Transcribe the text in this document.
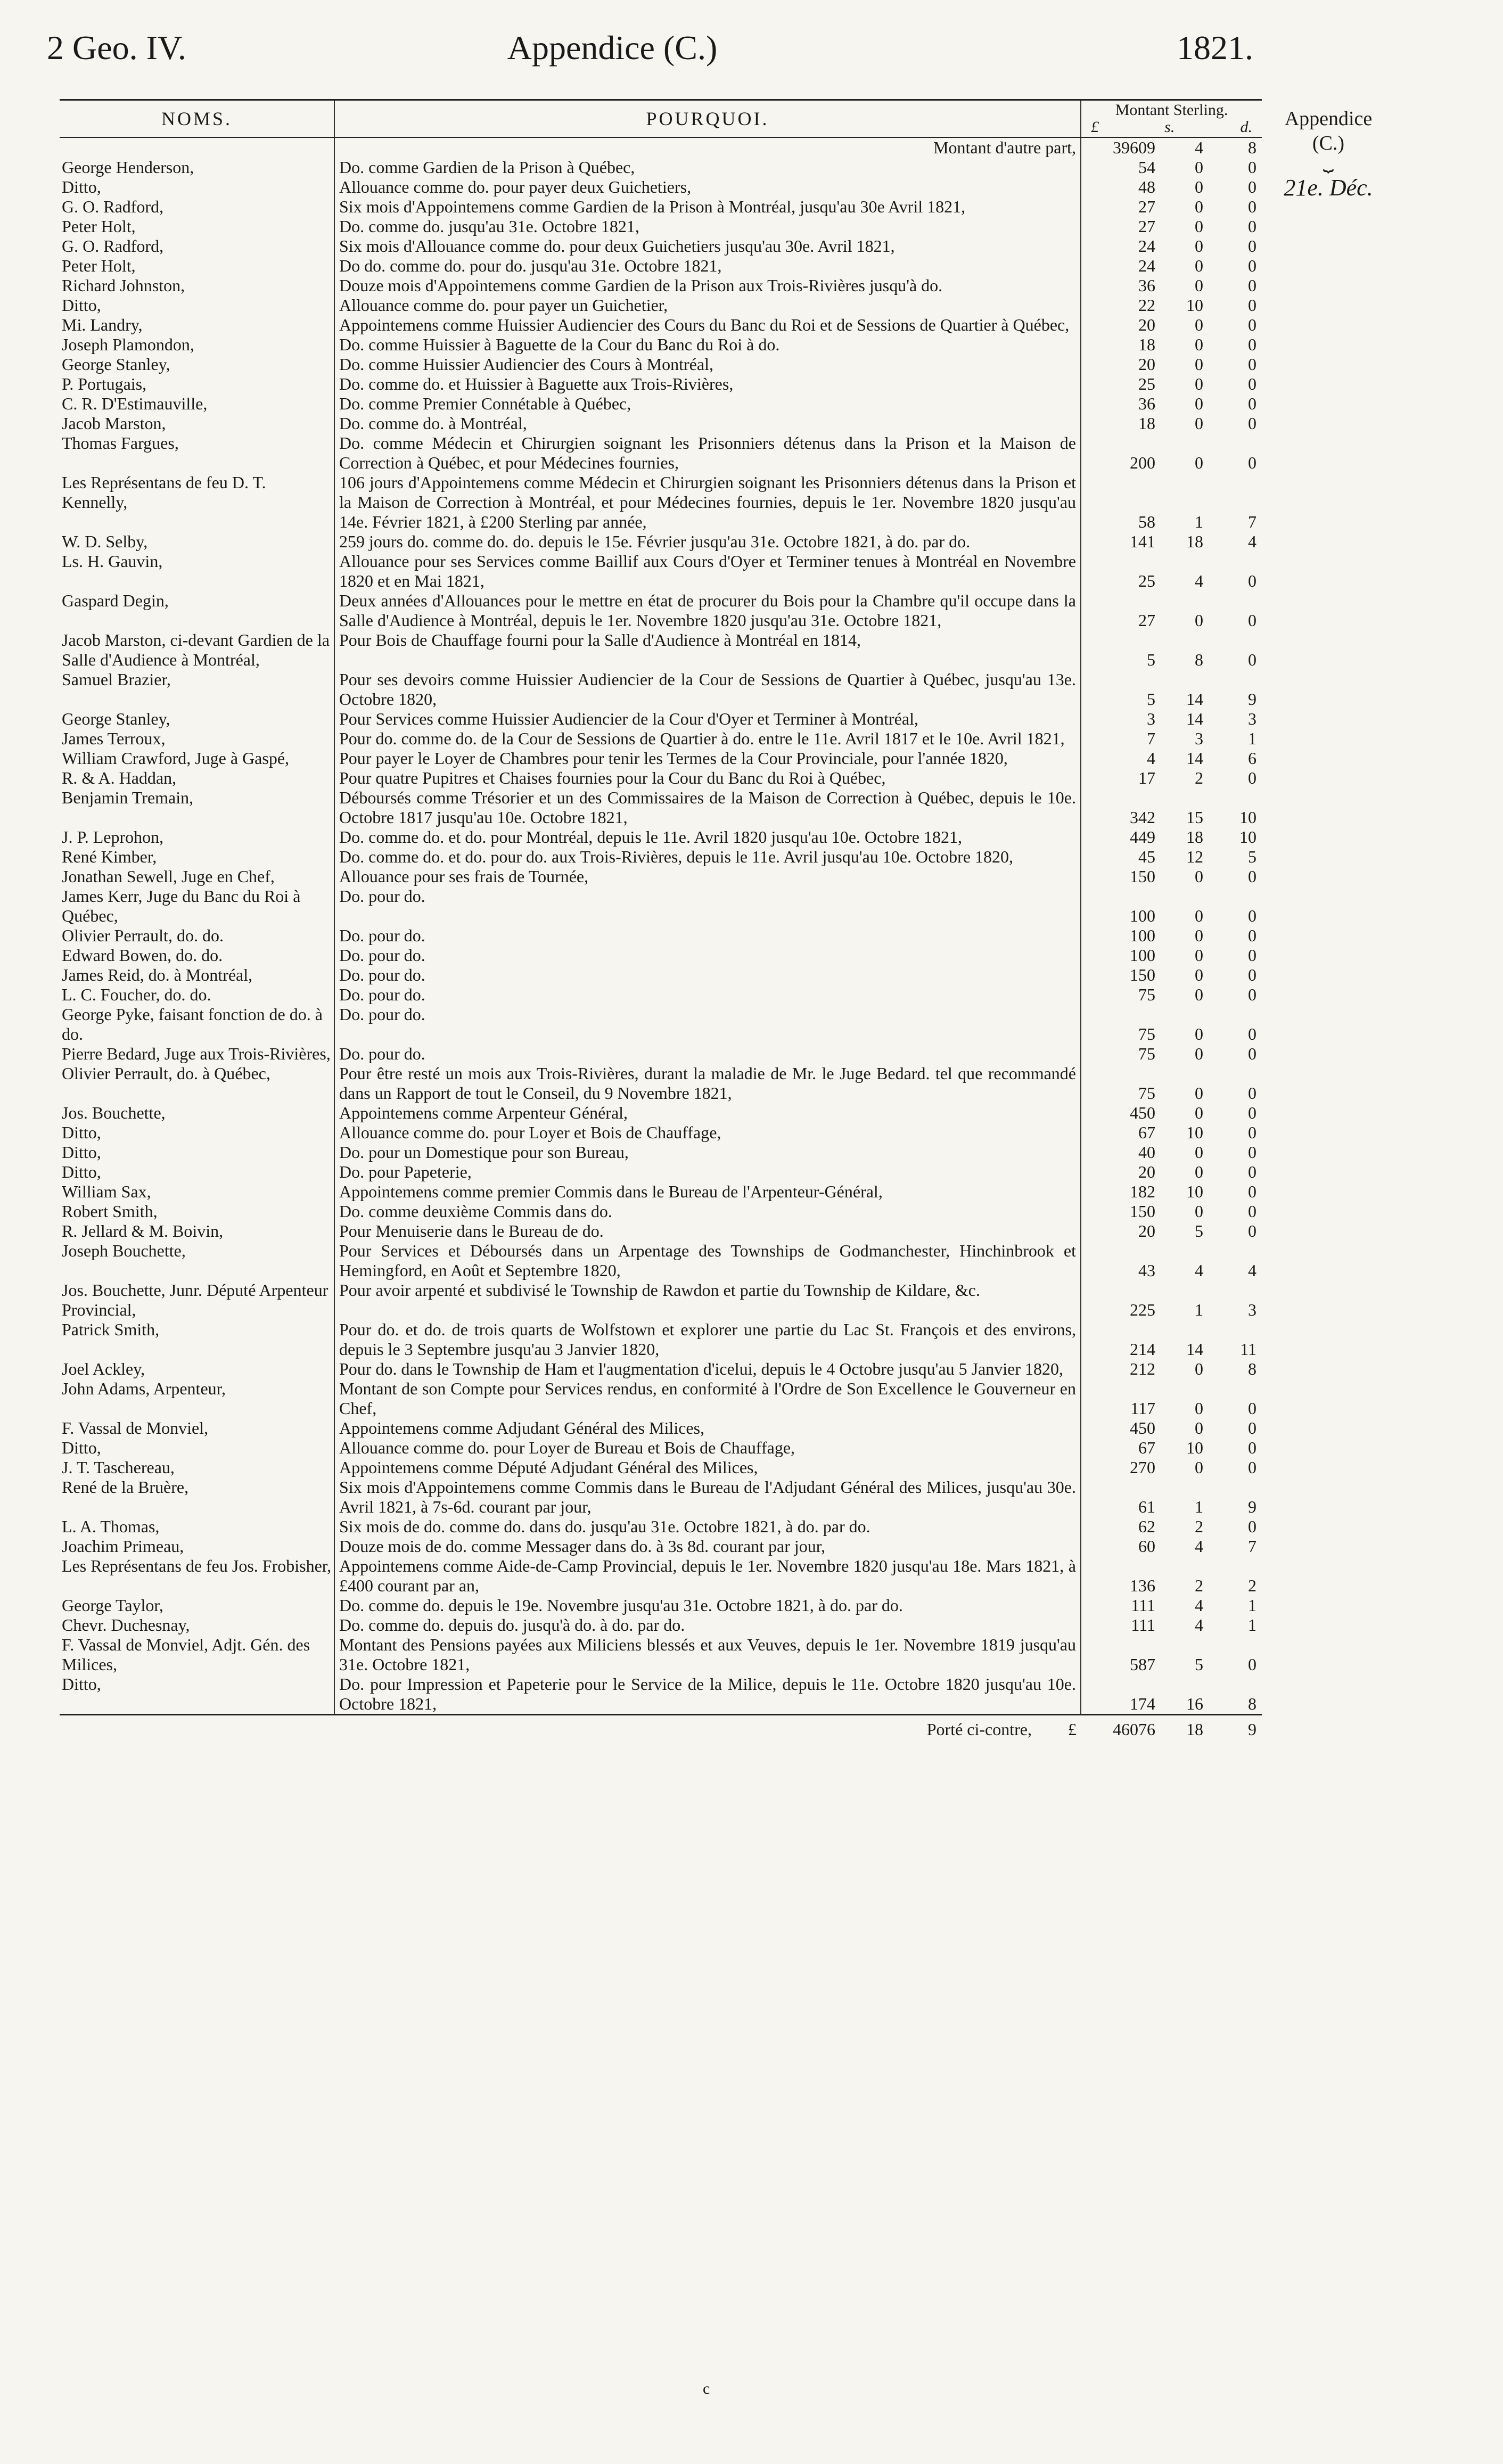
2 Geo. IV.	Appendice (C.)	1821.
Appendice
(C.)
⏟
21e. Déc.
NOMS.	POURQUOI.	Montant Sterling.
£ s. d.		

	Montant d'autre part,	39609	4	8
George Henderson,	Do. comme Gardien de la Prison à Québec,	54	0	0
Ditto,	Allouance comme do. pour payer deux Guichetiers,	48	0	0
G. O. Radford,	Six mois d'Appointemens comme Gardien de la Prison à Montréal, jusqu'au 30e Avril 1821,	27	0	0
Peter Holt,	Do. comme do. jusqu'au 31e. Octobre 1821,	27	0	0
G. O. Radford,	Six mois d'Allouance comme do. pour deux Guichetiers jusqu'au 30e. Avril 1821,	24	0	0
Peter Holt,	Do do. comme do. pour do. jusqu'au 31e. Octobre 1821,	24	0	0
Richard Johnston,	Douze mois d'Appointemens comme Gardien de la Prison aux Trois-Rivières jusqu'à do.	36	0	0
Ditto,	Allouance comme do. pour payer un Guichetier,	22	10	0
Mi. Landry,	Appointemens comme Huissier Audiencier des Cours du Banc du Roi et de Sessions de Quartier à Québec,	20	0	0
Joseph Plamondon,	Do. comme Huissier à Baguette de la Cour du Banc du Roi à do.	18	0	0
George Stanley,	Do. comme Huissier Audiencier des Cours à Montréal,	20	0	0
P. Portugais,	Do. comme do. et Huissier à Baguette aux Trois-Rivières,	25	0	0
C. R. D'Estimauville,	Do. comme Premier Connétable à Québec,	36	0	0
Jacob Marston,	Do. comme do. à Montréal,	18	0	0
Thomas Fargues,	Do. comme Médecin et Chirurgien soignant les Prisonniers détenus dans la Prison et la Maison de Correction à Québec, et pour Médecines fournies,	200	0	0
Les Représentans de feu D. T. Kennelly,	106 jours d'Appointemens comme Médecin et Chirurgien soignant les Prisonniers détenus dans la Prison et la Maison de Correction à Montréal, et pour Médecines fournies, depuis le 1er. Novembre 1820 jusqu'au 14e. Février 1821, à £200 Sterling par année,	58	1	7
W. D. Selby,	259 jours do. comme do. do. depuis le 15e. Février jusqu'au 31e. Octobre 1821, à do. par do.	141	18	4
Ls. H. Gauvin,	Allouance pour ses Services comme Baillif aux Cours d'Oyer et Terminer tenues à Montréal en Novembre 1820 et en Mai 1821,	25	4	0
Gaspard Degin,	Deux années d'Allouances pour le mettre en état de procurer du Bois pour la Chambre qu'il occupe dans la Salle d'Audience à Montréal, depuis le 1er. Novembre 1820 jusqu'au 31e. Octobre 1821,	27	0	0
Jacob Marston, ci-devant Gardien de la Salle d'Audience à Montréal,	Pour Bois de Chauffage fourni pour la Salle d'Audience à Montréal en 1814,	5	8	0
Samuel Brazier,	Pour ses devoirs comme Huissier Audiencier de la Cour de Sessions de Quartier à Québec, jusqu'au 13e. Octobre 1820,	5	14	9
George Stanley,	Pour Services comme Huissier Audiencier de la Cour d'Oyer et Terminer à Montréal,	3	14	3
James Terroux,	Pour do. comme do. de la Cour de Sessions de Quartier à do. entre le 11e. Avril 1817 et le 10e. Avril 1821,	7	3	1
William Crawford, Juge à Gaspé,	Pour payer le Loyer de Chambres pour tenir les Termes de la Cour Provinciale, pour l'année 1820,	4	14	6
R. & A. Haddan,	Pour quatre Pupitres et Chaises fournies pour la Cour du Banc du Roi à Québec,	17	2	0
Benjamin Tremain,	Déboursés comme Trésorier et un des Commissaires de la Maison de Correction à Québec, depuis le 10e. Octobre 1817 jusqu'au 10e. Octobre 1821,	342	15	10
J. P. Leprohon,	Do. comme do. et do. pour Montréal, depuis le 11e. Avril 1820 jusqu'au 10e. Octobre 1821,	449	18	10
René Kimber,	Do. comme do. et do. pour do. aux Trois-Rivières, depuis le 11e. Avril jusqu'au 10e. Octobre 1820,	45	12	5
Jonathan Sewell, Juge en Chef,	Allouance pour ses frais de Tournée,	150	0	0
James Kerr, Juge du Banc du Roi à Québec,	Do. pour do.	100	0	0
Olivier Perrault, do. do.	Do. pour do.	100	0	0
Edward Bowen, do. do.	Do. pour do.	100	0	0
James Reid, do. à Montréal,	Do. pour do.	150	0	0
L. C. Foucher, do. do.	Do. pour do.	75	0	0
George Pyke, faisant fonction de do. à do.	Do. pour do.	75	0	0
Pierre Bedard, Juge aux Trois-Rivières,	Do. pour do.	75	0	0
Olivier Perrault, do. à Québec,	Pour être resté un mois aux Trois-Rivières, durant la maladie de Mr. le Juge Bedard. tel que recommandé dans un Rapport de tout le Conseil, du 9 Novembre 1821,	75	0	0
Jos. Bouchette,	Appointemens comme Arpenteur Général,	450	0	0
Ditto,	Allouance comme do. pour Loyer et Bois de Chauffage,	67	10	0
Ditto,	Do. pour un Domestique pour son Bureau,	40	0	0
Ditto,	Do. pour Papeterie,	20	0	0
William Sax,	Appointemens comme premier Commis dans le Bureau de l'Arpenteur-Général,	182	10	0
Robert Smith,	Do. comme deuxième Commis dans do.	150	0	0
R. Jellard & M. Boivin,	Pour Menuiserie dans le Bureau de do.	20	5	0
Joseph Bouchette,	Pour Services et Déboursés dans un Arpentage des Townships de Godmanchester, Hinchinbrook et Hemingford, en Août et Septembre 1820,	43	4	4
Jos. Bouchette, Junr. Député Arpenteur Provincial,	Pour avoir arpenté et subdivisé le Township de Rawdon et partie du Township de Kildare, &c.	225	1	3
Patrick Smith,	Pour do. et do. de trois quarts de Wolfstown et explorer une partie du Lac St. François et des environs, depuis le 3 Septembre jusqu'au 3 Janvier 1820,	214	14	11
Joel Ackley,	Pour do. dans le Township de Ham et l'augmentation d'icelui, depuis le 4 Octobre jusqu'au 5 Janvier 1820,	212	0	8
John Adams, Arpenteur,	Montant de son Compte pour Services rendus, en conformité à l'Ordre de Son Excellence le Gouverneur en Chef,	117	0	0
F. Vassal de Monviel,	Appointemens comme Adjudant Général des Milices,	450	0	0
Ditto,	Allouance comme do. pour Loyer de Bureau et Bois de Chauffage,	67	10	0
J. T. Taschereau,	Appointemens comme Député Adjudant Général des Milices,	270	0	0
René de la Bruère,	Six mois d'Appointemens comme Commis dans le Bureau de l'Adjudant Général des Milices, jusqu'au 30e. Avril 1821, à 7s-6d. courant par jour,	61	1	9
L. A. Thomas,	Six mois de do. comme do. dans do. jusqu'au 31e. Octobre 1821, à do. par do.	62	2	0
Joachim Primeau,	Douze mois de do. comme Messager dans do. à 3s 8d. courant par jour,	60	4	7
Les Représentans de feu Jos. Frobisher,	Appointemens comme Aide-de-Camp Provincial, depuis le 1er. Novembre 1820 jusqu'au 18e. Mars 1821, à £400 courant par an,	136	2	2
George Taylor,	Do. comme do. depuis le 19e. Novembre jusqu'au 31e. Octobre 1821, à do. par do.	111	4	1
Chevr. Duchesnay,	Do. comme do. depuis do. jusqu'à do. à do. par do.	111	4	1
F. Vassal de Monviel, Adjt. Gén. des Milices,	Montant des Pensions payées aux Miliciens blessés et aux Veuves, depuis le 1er. Novembre 1819 jusqu'au 31e. Octobre 1821,	587	5	0
Ditto,	Do. pour Impression et Papeterie pour le Service de la Milice, depuis le 11e. Octobre 1820 jusqu'au 10e. Octobre 1821,	174	16	8
	Porté ci-contre, £	46076	18	9
c
